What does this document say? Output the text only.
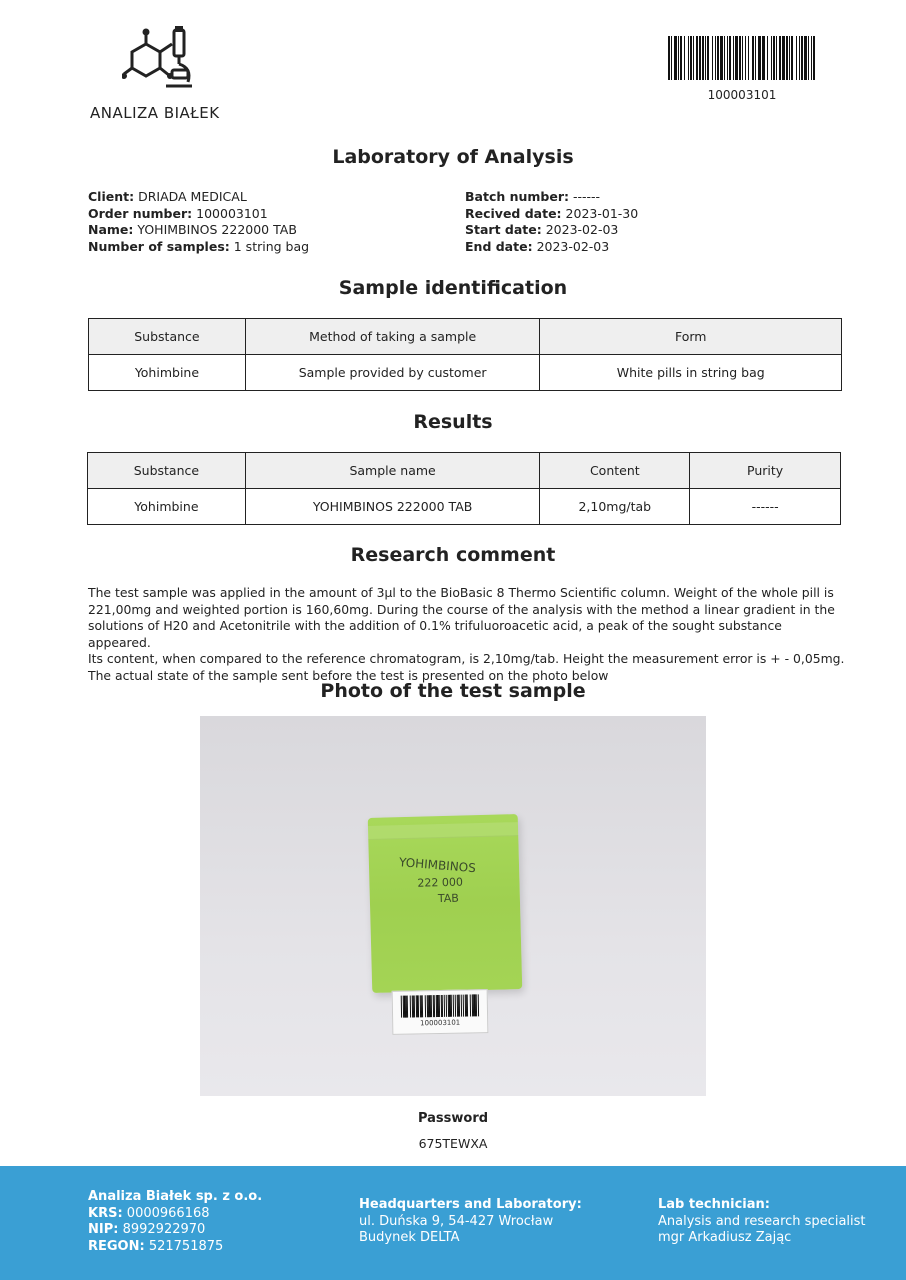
ANALIZA BIAŁEK
100003101
Laboratory of Analysis
Client: DRIADA MEDICAL
Order number: 100003101
Name: YOHIMBINOS 222000 TAB
Number of samples: 1 string bag
Batch number: ------
Recived date: 2023-01-30
Start date: 2023-02-03
End date: 2023-02-03
Sample identification
Substance	Method of taking a sample	Form
Yohimbine	Sample provided by customer	White pills in string bag
Results
Substance	Sample name	Content	Purity
Yohimbine	YOHIMBINOS 222000 TAB	2,10mg/tab	------
Research comment
The test sample was applied in the amount of 3µl to the BioBasic 8 Thermo Scientific column. Weight of the whole pill is
221,00mg and weighted portion is 160,60mg. During the course of the analysis with the method a linear gradient in the
solutions of H20 and Acetonitrile with the addition of 0.1% trifuluoroacetic acid, a peak of the sought substance appeared.
Its content, when compared to the reference chromatogram, is 2,10mg/tab. Height the measurement error is + - 0,05mg.
The actual state of the sample sent before the test is presented on the photo below
Photo of the test sample
YOHIMBINOS
222 000
TAB
100003101
Password
675TEWXA
Analiza Białek sp. z o.o.
KRS: 0000966168
NIP: 8992922970
REGON: 521751875
Headquarters and Laboratory:
ul. Duńska 9, 54-427 Wrocław
Budynek DELTA
Lab technician:
Analysis and research specialist
mgr Arkadiusz Zając
